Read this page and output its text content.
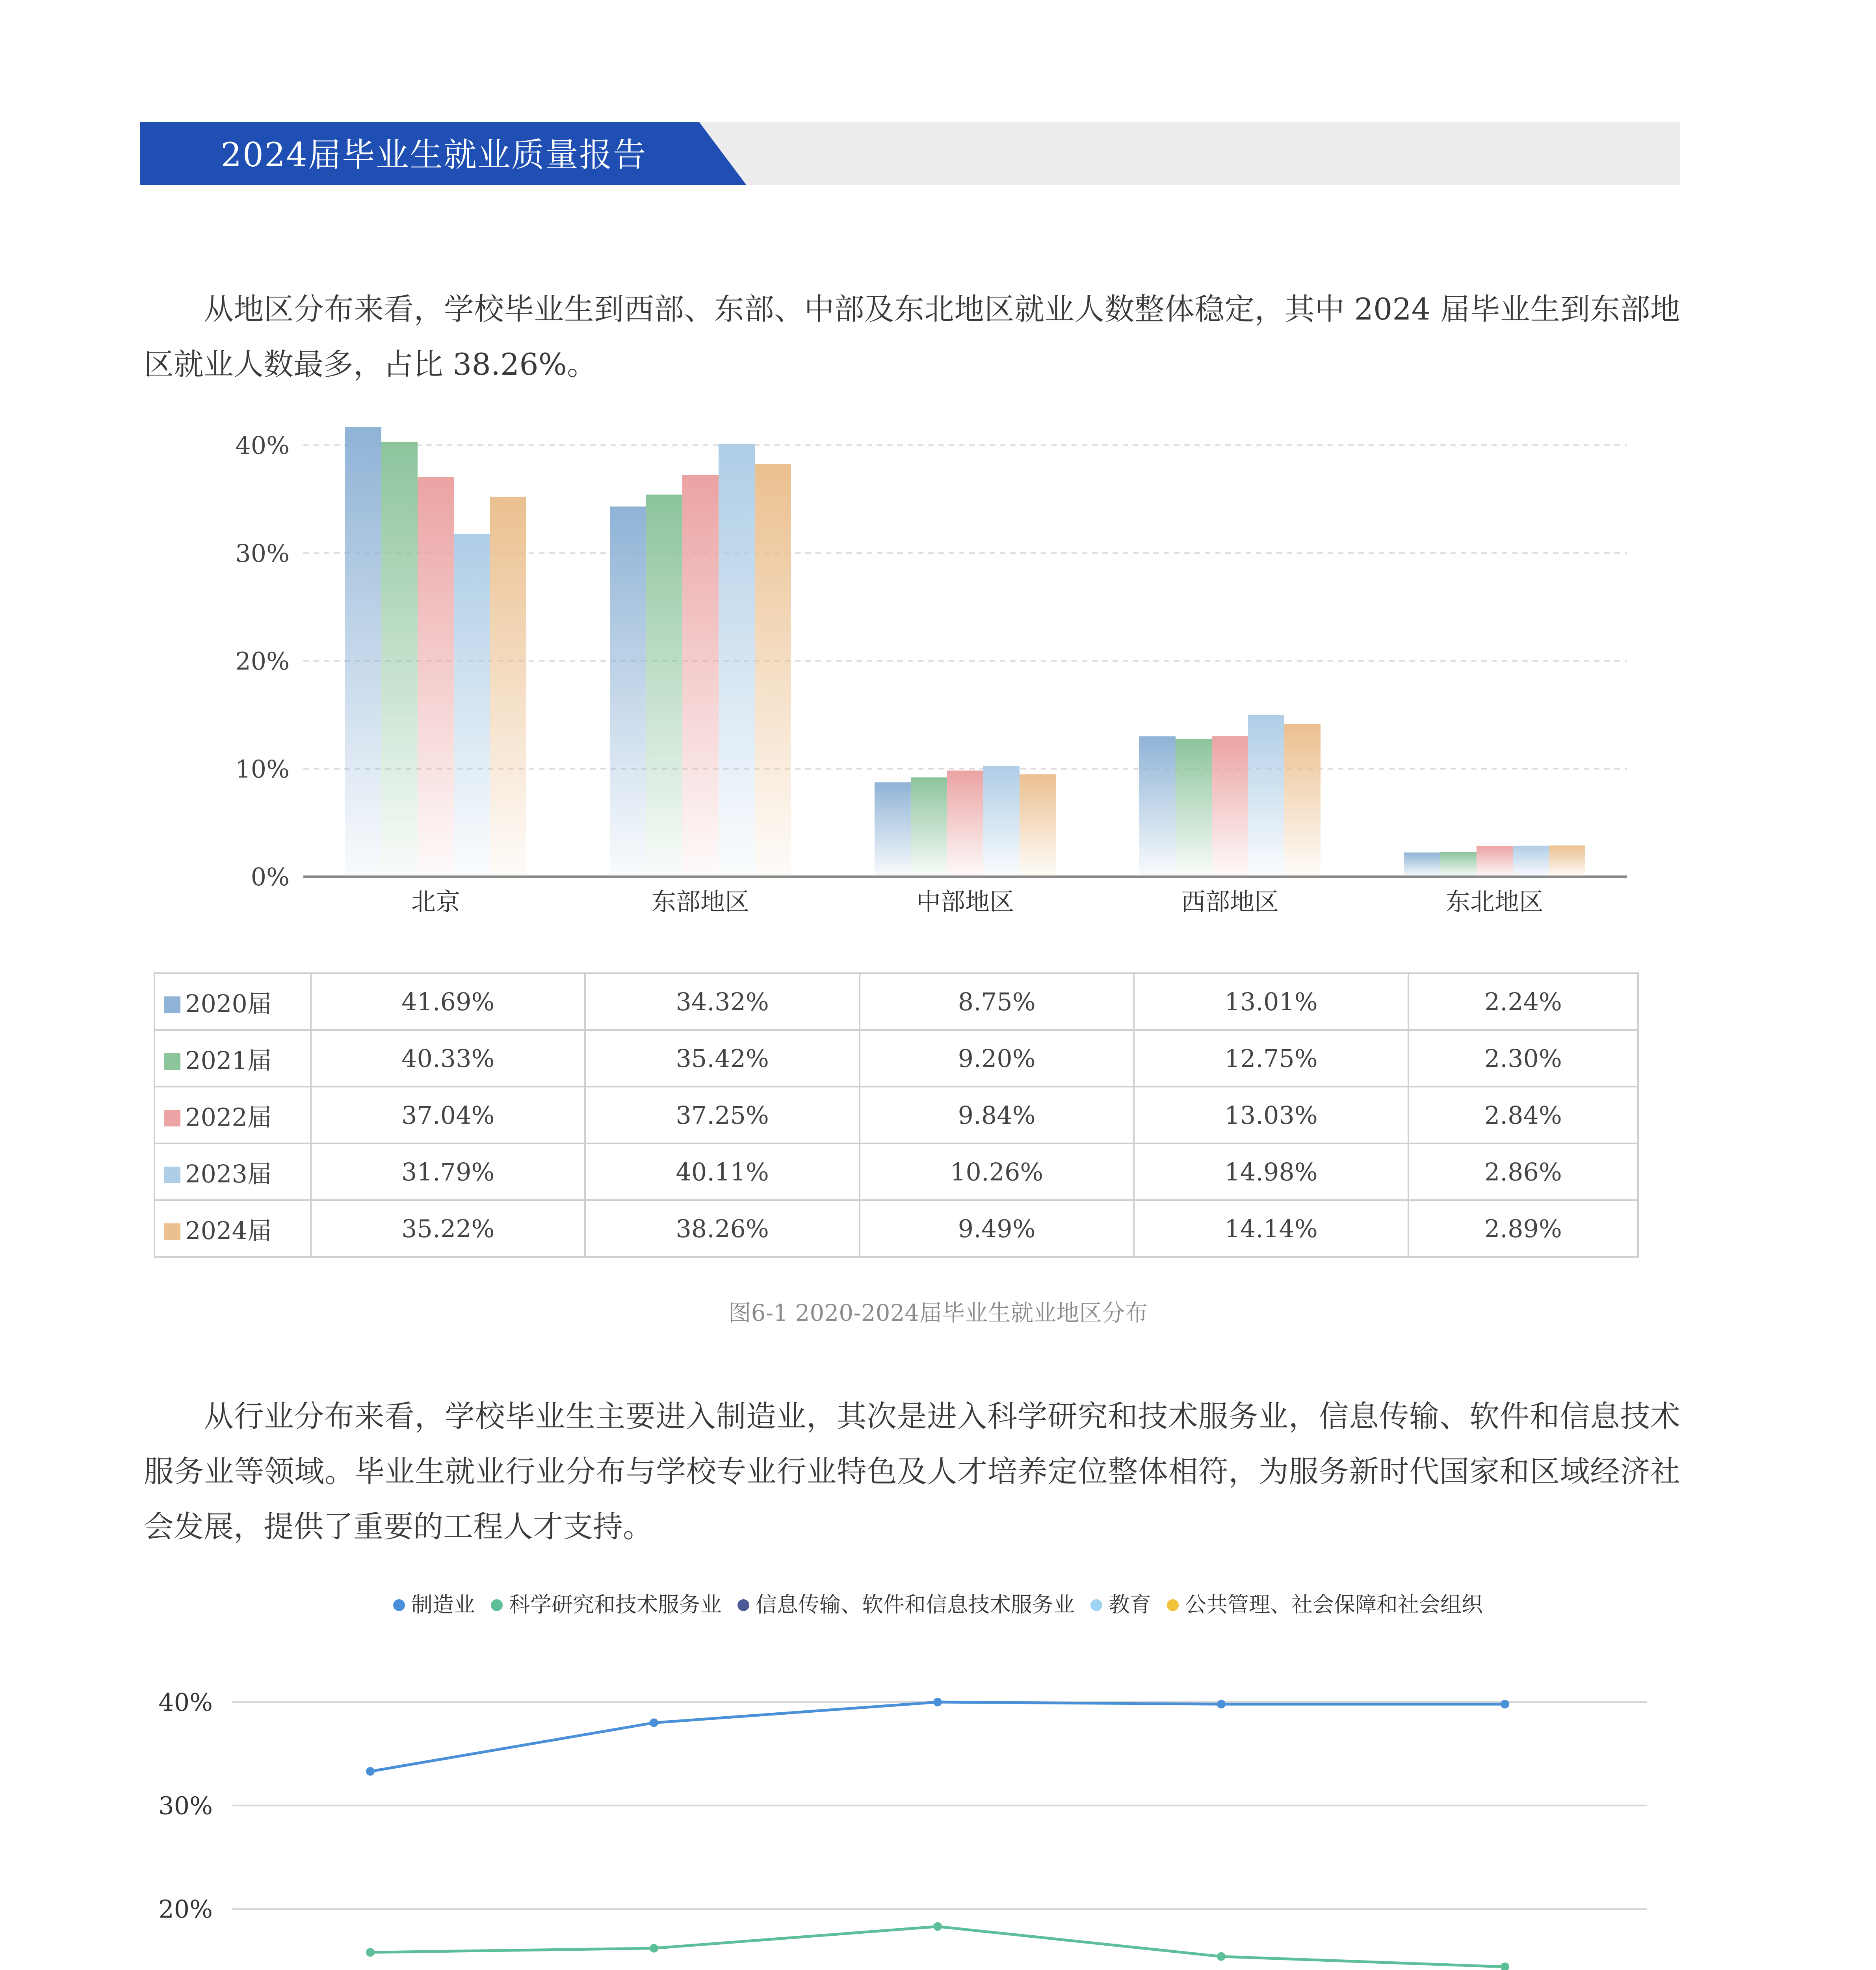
2024届毕业生就业质量报告

从地区分布来看，学校毕业生到西部、东部、中部及东北地区就业人数整体稳定，其中 2024 届毕业生到东部地区就业人数最多，占比 38.26%。

0%
10%
20%
30%
40%
北京	东部地区	中部地区	西部地区	东北地区
2020届	41.69%	34.32%	8.75%	13.01%	2.24%
2021届	40.33%	35.42%	9.20%	12.75%	2.30%
2022届	37.04%	37.25%	9.84%	13.03%	2.84%
2023届	31.79%	40.11%	10.26%	14.98%	2.86%
2024届	35.22%	38.26%	9.49%	14.14%	2.89%
图6-1 2020-2024届毕业生就业地区分布

从行业分布来看，学校毕业生主要进入制造业，其次是进入科学研究和技术服务业，信息传输、软件和信息技术服务业等领域。毕业生就业行业分布与学校专业行业特色及人才培养定位整体相符，为服务新时代国家和区域经济社会发展，提供了重要的工程人才支持。

制造业 科学研究和技术服务业 信息传输、软件和信息技术服务业 教育 公共管理、社会保障和社会组织
20%
30%
40%
